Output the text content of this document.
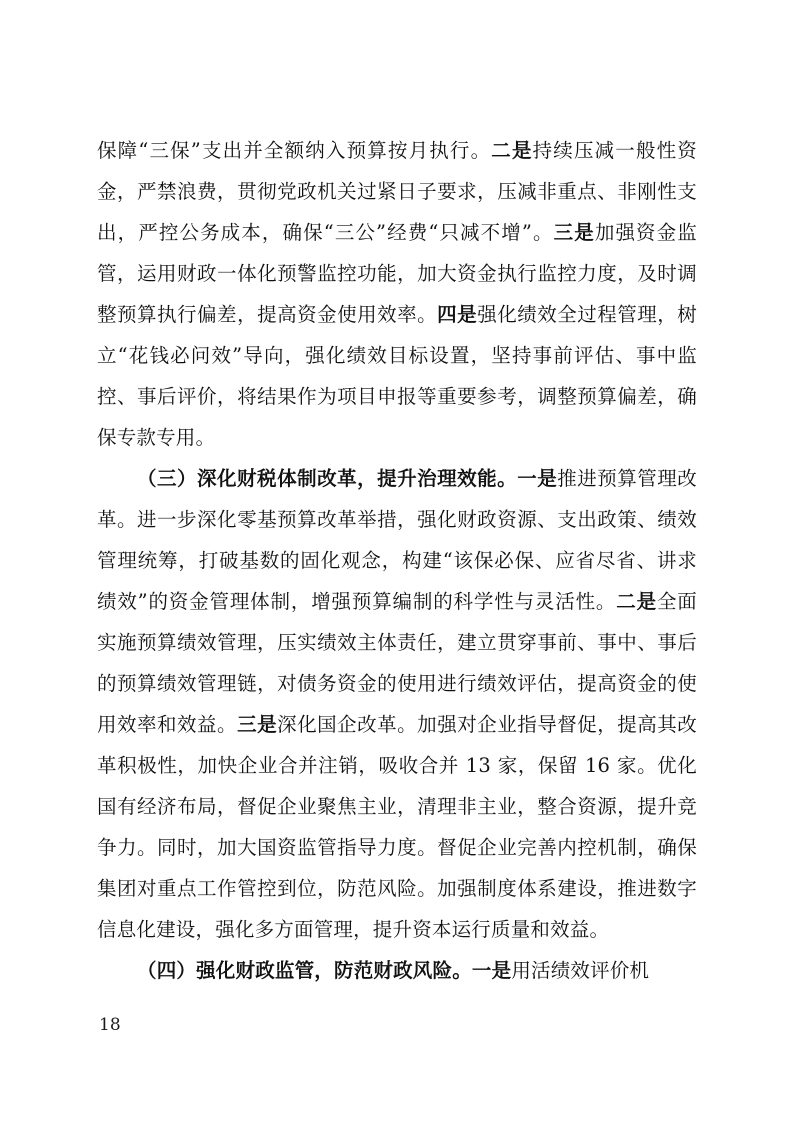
保障“三保”支出并全额纳入预算按月执行。二是持续压减一般性资金，严禁浪费，贯彻党政机关过紧日子要求，压减非重点、非刚性支出，严控公务成本，确保“三公”经费“只减不增”。三是加强资金监管，运用财政一体化预警监控功能，加大资金执行监控力度，及时调整预算执行偏差，提高资金使用效率。四是强化绩效全过程管理，树立“花钱必问效”导向，强化绩效目标设置，坚持事前评估、事中监控、事后评价，将结果作为项目申报等重要参考，调整预算偏差，确保专款专用。

（三）深化财税体制改革，提升治理效能。一是推进预算管理改革。进一步深化零基预算改革举措，强化财政资源、支出政策、绩效管理统筹，打破基数的固化观念，构建“该保必保、应省尽省、讲求绩效”的资金管理体制，增强预算编制的科学性与灵活性。二是全面实施预算绩效管理，压实绩效主体责任，建立贯穿事前、事中、事后的预算绩效管理链，对债务资金的使用进行绩效评估，提高资金的使用效率和效益。三是深化国企改革。加强对企业指导督促，提高其改革积极性，加快企业合并注销，吸收合并 13 家，保留 16 家。优化国有经济布局，督促企业聚焦主业，清理非主业，整合资源，提升竞争力。同时，加大国资监管指导力度。督促企业完善内控机制，确保集团对重点工作管控到位，防范风险。加强制度体系建设，推进数字信息化建设，强化多方面管理，提升资本运行质量和效益。

（四）强化财政监管，防范财政风险。一是用活绩效评价机

18
